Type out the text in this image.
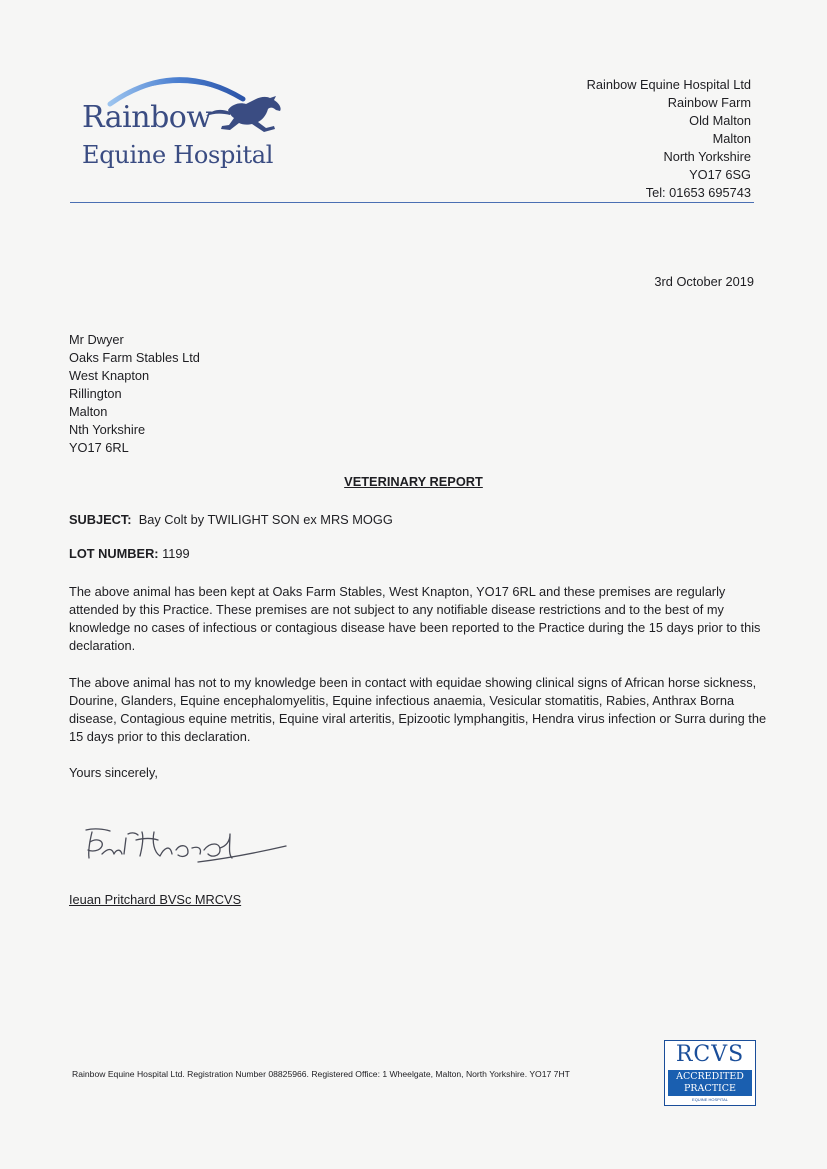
Rainbow
Equine Hospital
Rainbow Equine Hospital Ltd
Rainbow Farm
Old Malton
Malton
North Yorkshire
YO17 6SG
Tel: 01653 695743
3rd October 2019
Mr Dwyer
Oaks Farm Stables Ltd
West Knapton
Rillington
Malton
Nth Yorkshire
YO17 6RL
VETERINARY REPORT
SUBJECT: Bay Colt by TWILIGHT SON ex MRS MOGG
LOT NUMBER: 1199
The above animal has been kept at Oaks Farm Stables, West Knapton, YO17 6RL and these premises are regularly attended by this Practice. These premises are not subject to any notifiable disease restrictions and to the best of my knowledge no cases of infectious or contagious disease have been reported to the Practice during the 15 days prior to this declaration.
The above animal has not to my knowledge been in contact with equidae showing clinical signs of African horse sickness, Dourine, Glanders, Equine encephalomyelitis, Equine infectious anaemia, Vesicular stomatitis, Rabies, Anthrax Borna disease, Contagious equine metritis, Equine viral arteritis, Epizootic lymphangitis, Hendra virus infection or Surra during the 15 days prior to this declaration.
Yours sincerely,
Ieuan Pritchard BVSc MRCVS
Rainbow Equine Hospital Ltd. Registration Number 08825966. Registered Office: 1 Wheelgate, Malton, North Yorkshire. YO17 7HT
RCVS
ACCREDITED
PRACTICE
EQUINE HOSPITAL
